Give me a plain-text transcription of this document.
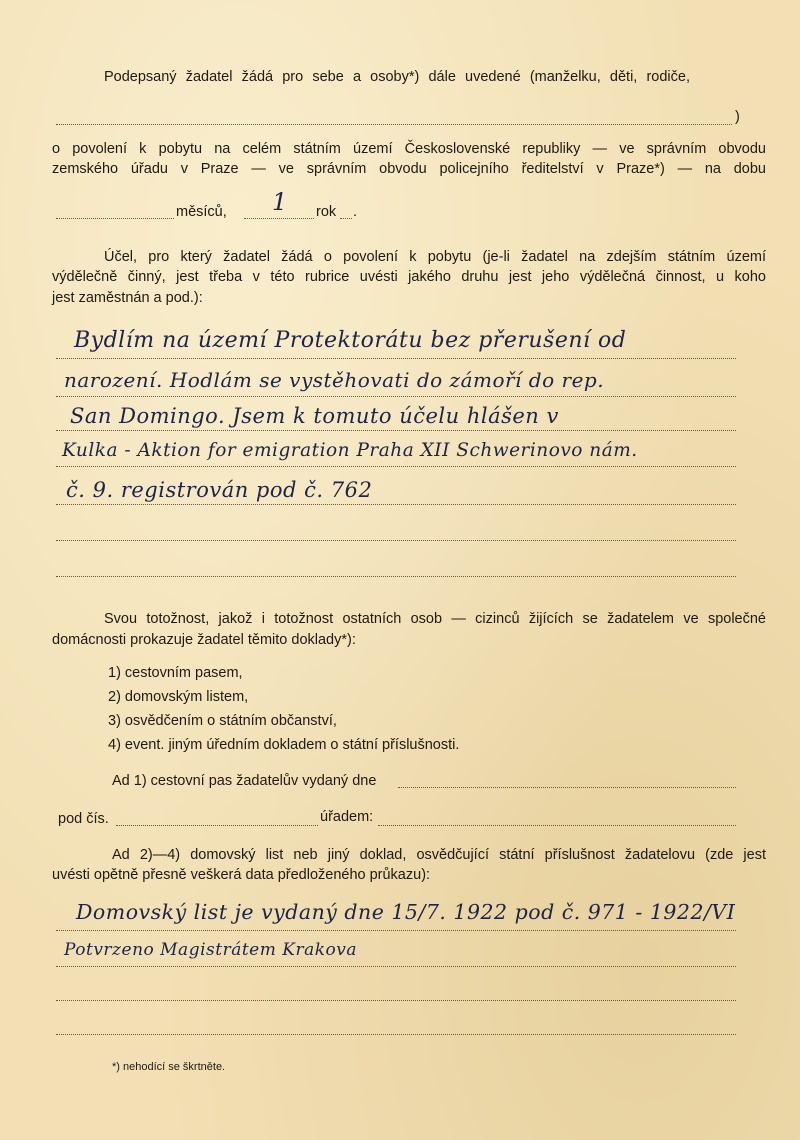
Podepsaný žadatel žádá pro sebe a osoby*) dále uvedené (manželku, děti, rodiče,
)
o povolení k pobytu na celém státním území Československé republiky — ve správním obvodu
zemského úřadu v Praze — ve správním obvodu policejního ředitelství v Praze*) — na dobu
měsíců, 1 rok .
Účel, pro který žadatel žádá o povolení k pobytu (je-li žadatel na zdejším státním území
výdělečně činný, jest třeba v této rubrice uvésti jakého druhu jest jeho výdělečná činnost, u koho
jest zaměstnán a pod.):
Bydlím na území Protektorátu bez přerušení od
narození. Hodlám se vystěhovati do zámoří do rep.
San Domingo. Jsem k tomuto účelu hlášen v
Kulka - Aktion for emigration Praha XII Schwerinovo nám.
č. 9. registrován pod č. 762
Svou totožnost, jakož i totožnost ostatních osob — cizinců žijících se žadatelem ve společné
domácnosti prokazuje žadatel těmito doklady*):
1) cestovním pasem,
2) domovským listem,
3) osvědčením o státním občanství,
4) event. jiným úředním dokladem o státní příslušnosti.
Ad 1) cestovní pas žadatelův vydaný dne
pod čís.	úřadem:
Ad 2)—4) domovský list neb jiný doklad, osvědčující státní příslušnost žadatelovu (zde jest
uvésti opětně přesně veškerá data předloženého průkazu):
Domovský list je vydaný dne 15/7. 1922 pod č. 971 - 1922/VI
Potvrzeno Magistrátem Krakova
*) nehodící se škrtněte.
